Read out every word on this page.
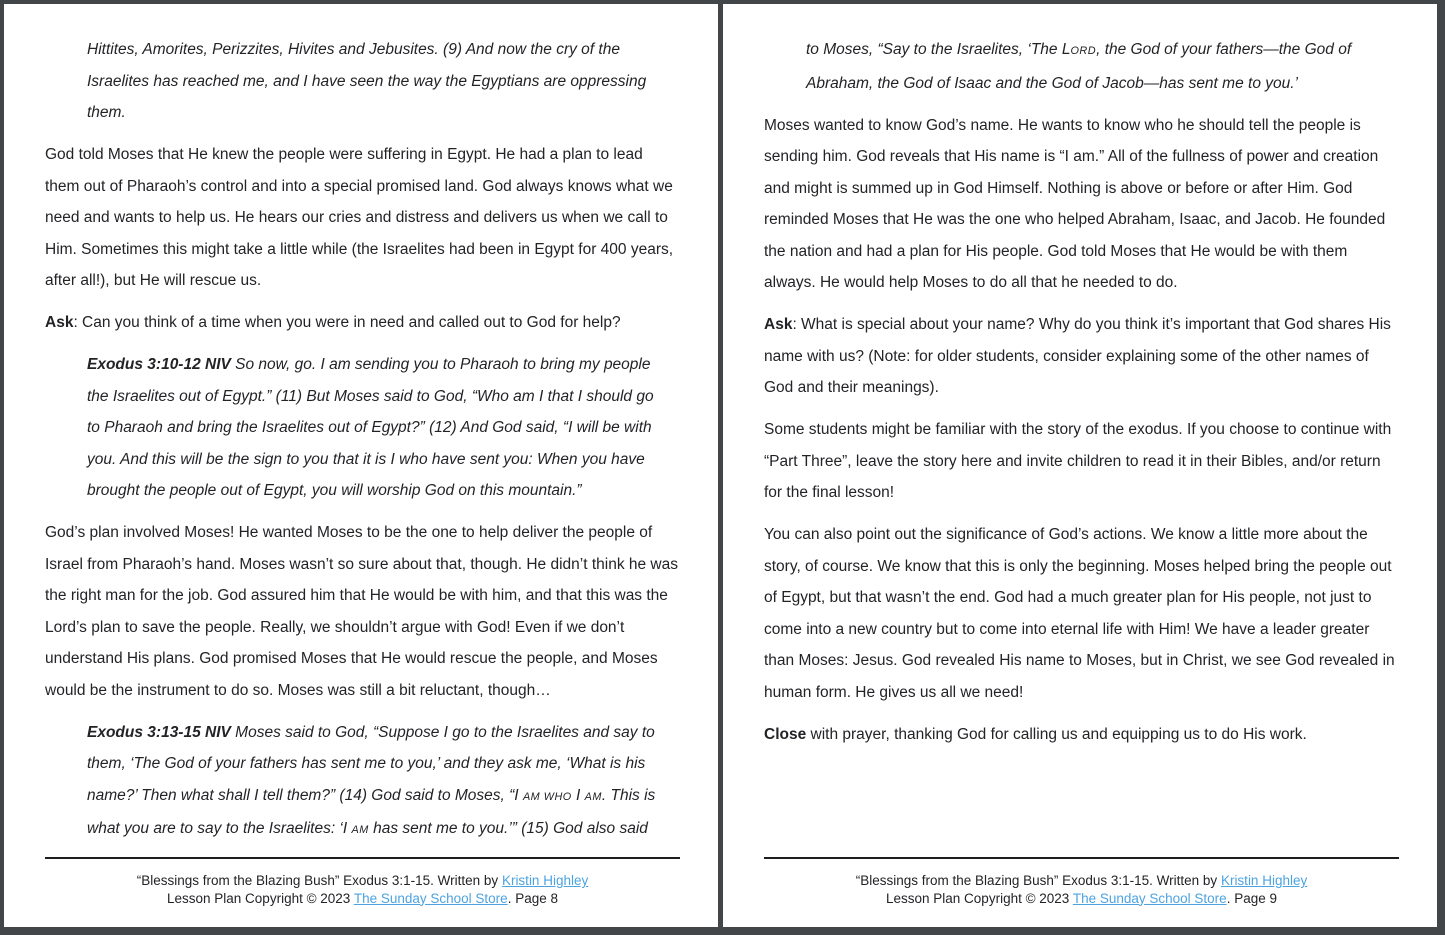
Hittites, Amorites, Perizzites, Hivites and Jebusites. (9) And now the cry of the Israelites has reached me, and I have seen the way the Egyptians are oppressing them.
God told Moses that He knew the people were suffering in Egypt. He had a plan to lead them out of Pharaoh’s control and into a special promised land. God always knows what we need and wants to help us. He hears our cries and distress and delivers us when we call to Him. Sometimes this might take a little while (the Israelites had been in Egypt for 400 years, after all!), but He will rescue us.
Ask: Can you think of a time when you were in need and called out to God for help?
Exodus 3:10-12 NIV So now, go. I am sending you to Pharaoh to bring my people the Israelites out of Egypt.” (11) But Moses said to God, “Who am I that I should go to Pharaoh and bring the Israelites out of Egypt?” (12) And God said, “I will be with you. And this will be the sign to you that it is I who have sent you: When you have brought the people out of Egypt, you will worship God on this mountain.”
God’s plan involved Moses! He wanted Moses to be the one to help deliver the people of Israel from Pharaoh’s hand. Moses wasn’t so sure about that, though. He didn’t think he was the right man for the job. God assured him that He would be with him, and that this was the Lord’s plan to save the people. Really, we shouldn’t argue with God! Even if we don’t understand His plans. God promised Moses that He would rescue the people, and Moses would be the instrument to do so. Moses was still a bit reluctant, though…
Exodus 3:13-15 NIV Moses said to God, “Suppose I go to the Israelites and say to them, ‘The God of your fathers has sent me to you,’ and they ask me, ‘What is his name?’ Then what shall I tell them?” (14) God said to Moses, “I AM WHO I AM. This is what you are to say to the Israelites: ‘I AM has sent me to you.’” (15) God also said

“Blessings from the Blazing Bush” Exodus 3:1-15. Written by Kristin Highley

Lesson Plan Copyright © 2023 The Sunday School Store. Page 8

to Moses, “Say to the Israelites, ‘The LORD, the God of your fathers—the God of Abraham, the God of Isaac and the God of Jacob—has sent me to you.’
Moses wanted to know God’s name. He wants to know who he should tell the people is sending him. God reveals that His name is “I am.” All of the fullness of power and creation and might is summed up in God Himself. Nothing is above or before or after Him. God reminded Moses that He was the one who helped Abraham, Isaac, and Jacob. He founded the nation and had a plan for His people. God told Moses that He would be with them always. He would help Moses to do all that he needed to do.
Ask: What is special about your name? Why do you think it’s important that God shares His name with us? (Note: for older students, consider explaining some of the other names of God and their meanings).
Some students might be familiar with the story of the exodus. If you choose to continue with “Part Three”, leave the story here and invite children to read it in their Bibles, and/or return for the final lesson!
You can also point out the significance of God’s actions. We know a little more about the story, of course. We know that this is only the beginning. Moses helped bring the people out of Egypt, but that wasn’t the end. God had a much greater plan for His people, not just to come into a new country but to come into eternal life with Him! We have a leader greater than Moses: Jesus. God revealed His name to Moses, but in Christ, we see God revealed in human form. He gives us all we need!
Close with prayer, thanking God for calling us and equipping us to do His work.

“Blessings from the Blazing Bush” Exodus 3:1-15. Written by Kristin Highley

Lesson Plan Copyright © 2023 The Sunday School Store. Page 9
